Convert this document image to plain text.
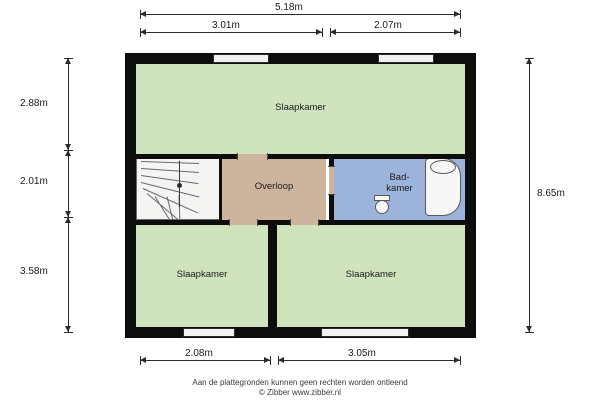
5.18m
3.01m	2.07m
2.88m
2.01m
3.58m
8.65m
2.08m	3.05m
Slaapkamer
Overloop
Bad-
kamer
Slaapkamer	Slaapkamer
Aan de plattegronden kunnen geen rechten worden ontleend
© Zibber www.zibber.nl
